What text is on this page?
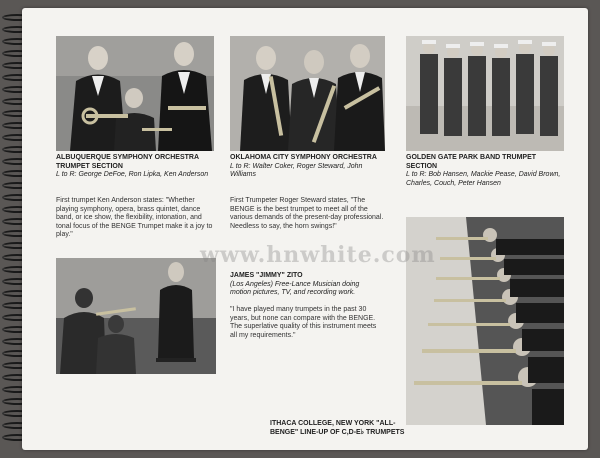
ALBUQUERQUE SYMPHONY ORCHESTRA TRUMPET SECTION
L to R: George DeFoe, Ron Lipka, Ken Anderson
First trumpet Ken Anderson states: "Whether playing symphony, opera, brass quintet, dance band, or ice show, the flexibility, intonation, and tonal focus of the BENGE Trumpet make it a joy to play."
OKLAHOMA CITY SYMPHONY ORCHESTRA
L to R: Walter Coker, Roger Steward, John Williams
First Trumpeter Roger Steward states, "The BENGE is the best trumpet to meet all of the various demands of the present-day professional. Needless to say, the horn swings!"
GOLDEN GATE PARK BAND TRUMPET SECTION
L to R: Bob Hansen, Mackie Pease, David Brown, Charles, Couch, Peter Hansen
JAMES "JIMMY" ZITO
(Los Angeles) Free-Lance Musician doing motion pictures, TV, and recording work.
"I have played many trumpets in the past 30 years, but none can compare with the BENGE. The superlative quality of this instrument meets all my requirements."
ITHACA COLLEGE, NEW YORK "ALL-BENGE" LINE-UP OF C,D-E♭ TRUMPETS
www.hnwhite.com
